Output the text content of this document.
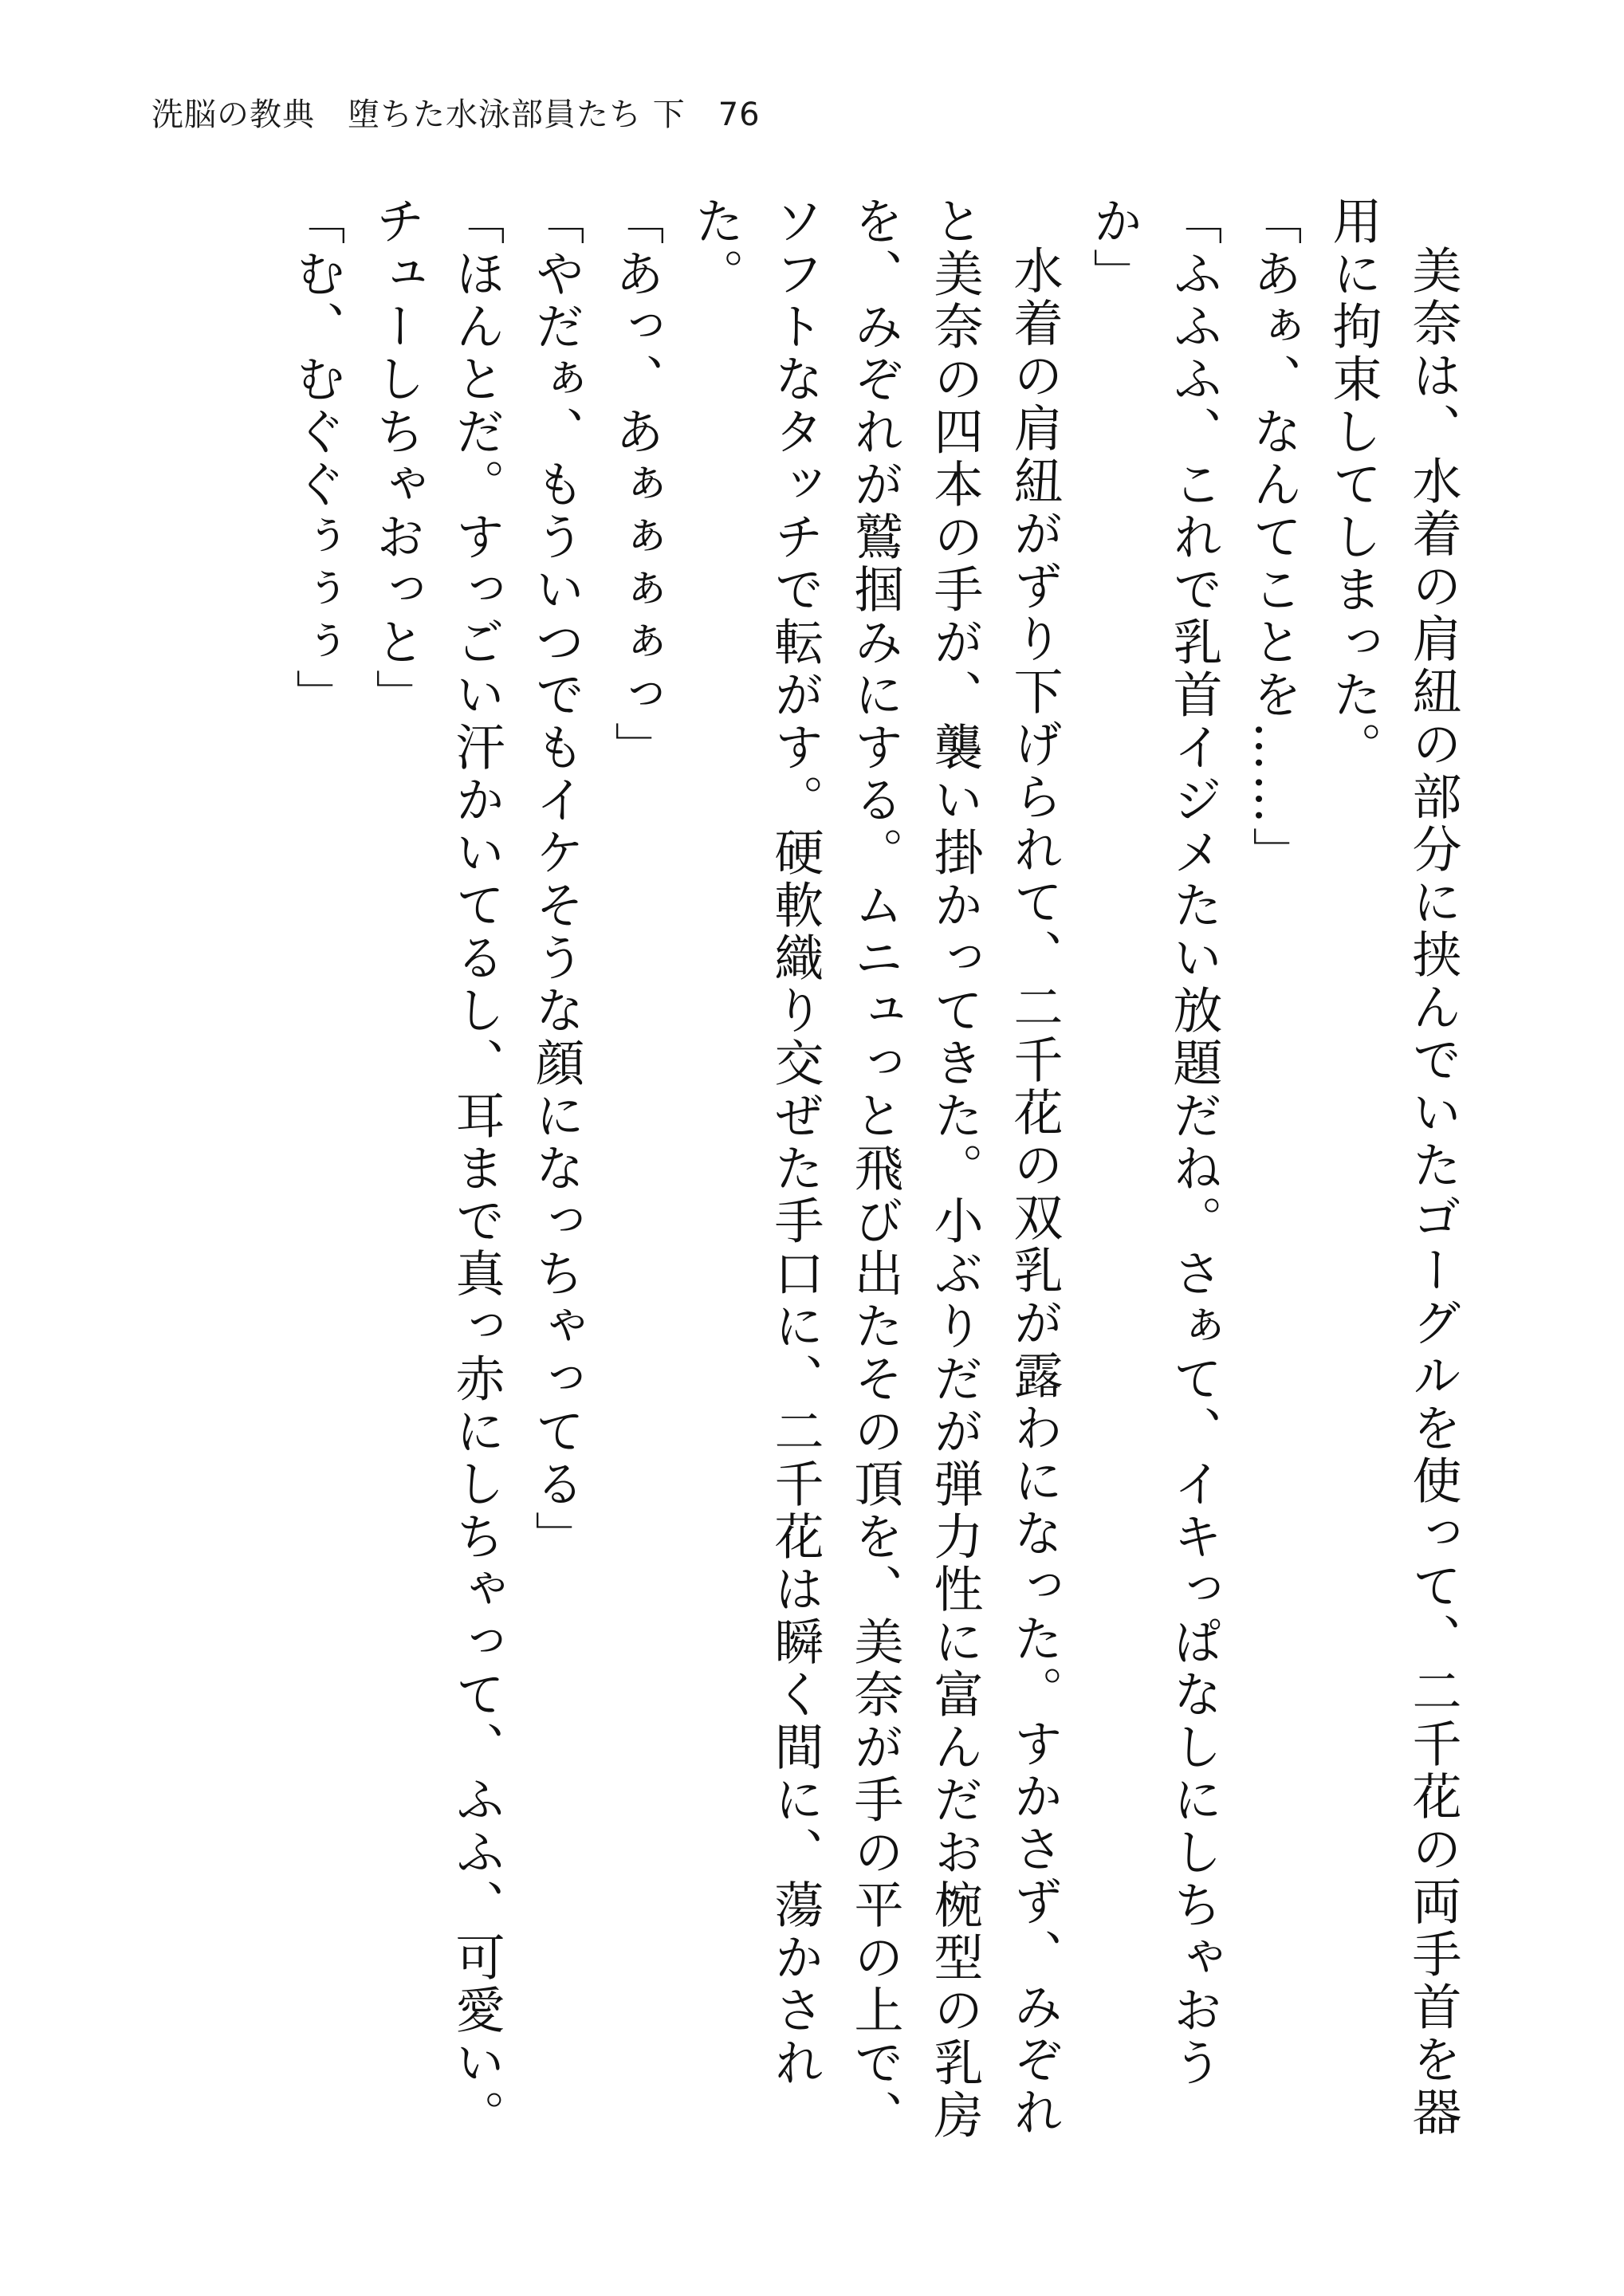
洗脳の教典　堕ちた水泳部員たち 下　76

美奈は、水着の肩紐の部分に挟んでいたゴーグルを使って、二千花の両手首を器用に拘束してしまった。

「あぁ、なんてことを……」

「ふふふ、これで乳首イジメたい放題だね。さぁて、イキっぱなしにしちゃおうか」

水着の肩紐がずり下げられて、二千花の双乳が露わになった。すかさず、みぞれと美奈の四本の手が、襲い掛かってきた。小ぶりだが弾力性に富んだお椀型の乳房を、みぞれが鷲掴みにする。ムニュっと飛び出たその頂を、美奈が手の平の上で、ソフトなタッチで転がす。硬軟織り交ぜた手口に、二千花は瞬く間に、蕩かされた。

「あっ、あぁぁぁぁっ」

「やだぁ、もういつでもイケそうな顔になっちゃってる」

「ほんとだ。すっごい汗かいてるし、耳まで真っ赤にしちゃって、ふふ、可愛い。チューしちゃおっと」

「む、むぐぐぅぅぅ」
